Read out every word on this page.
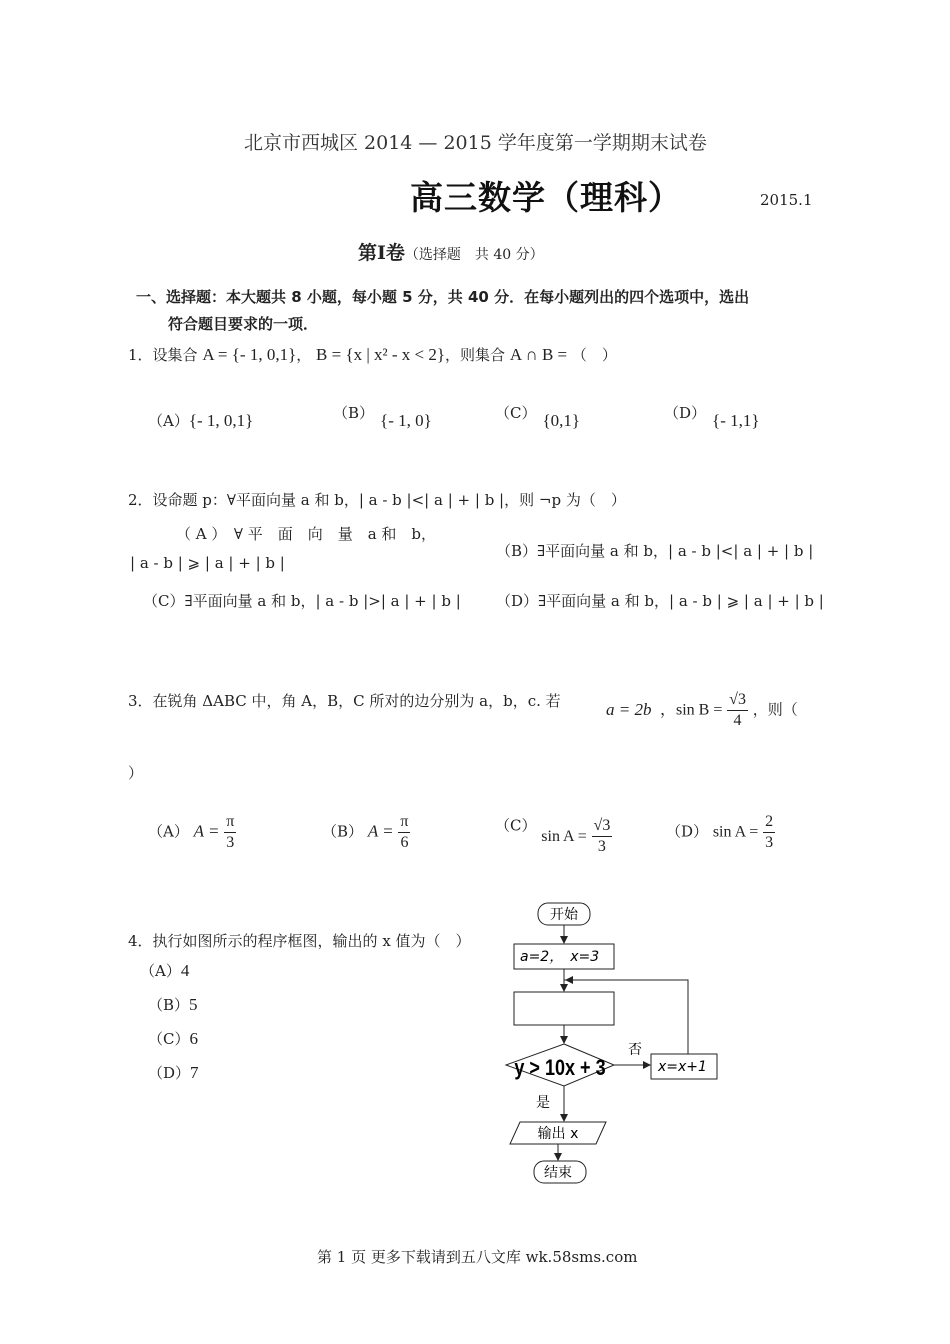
北京市西城区 2014 — 2015 学年度第一学期期末试卷
高三数学（理科）	2015.1
第Ⅰ卷（选择题　共 40 分）
一、选择题：本大题共 8 小题，每小题 5 分，共 40 分．在每小题列出的四个选项中，选出
符合题目要求的一项．
1．设集合 A = {- 1, 0,1}， B = {x | x² - x < 2}，则集合 A ∩ B = （　）
（A）{- 1, 0,1}	（B） {- 1, 0}	（C） {0,1}	（D） {- 1,1}
2．设命题 p：∀平面向量 a 和 b，| a - b |<| a | + | b |，则 ¬p 为（　）
（ A ）　∀ 平　面　向　量　a 和　b，
| a - b | ⩾ | a | + | b |
（B）∃平面向量 a 和 b，| a - b |<| a | + | b |
（C）∃平面向量 a 和 b，| a - b |>| a | + | b | （D）∃平面向量 a 和 b，| a - b | ⩾ | a | + | b |
3．在锐角 ΔABC 中，角 A，B，C 所对的边分别为 a，b，c. 若	a = 2b ，$\sin B = \frac{√3}{4}$ ，则（
）
（A） $A = \frac{\pi}{3}$	（B） $A = \frac{\pi}{6}$	（C） $\sin A = \frac{√3}{3}$	（D） $\sin A = \frac{2}{3}$
4．执行如图所示的程序框图，输出的 x 值为（　）
（A）4
（B）5
（C）6
（D）7
开始
a=2，　x=3
y > 10x + 3
否
x=x+1
是
输出 x
结束
第 1 页 更多下载请到五八文库 wk.58sms.com
